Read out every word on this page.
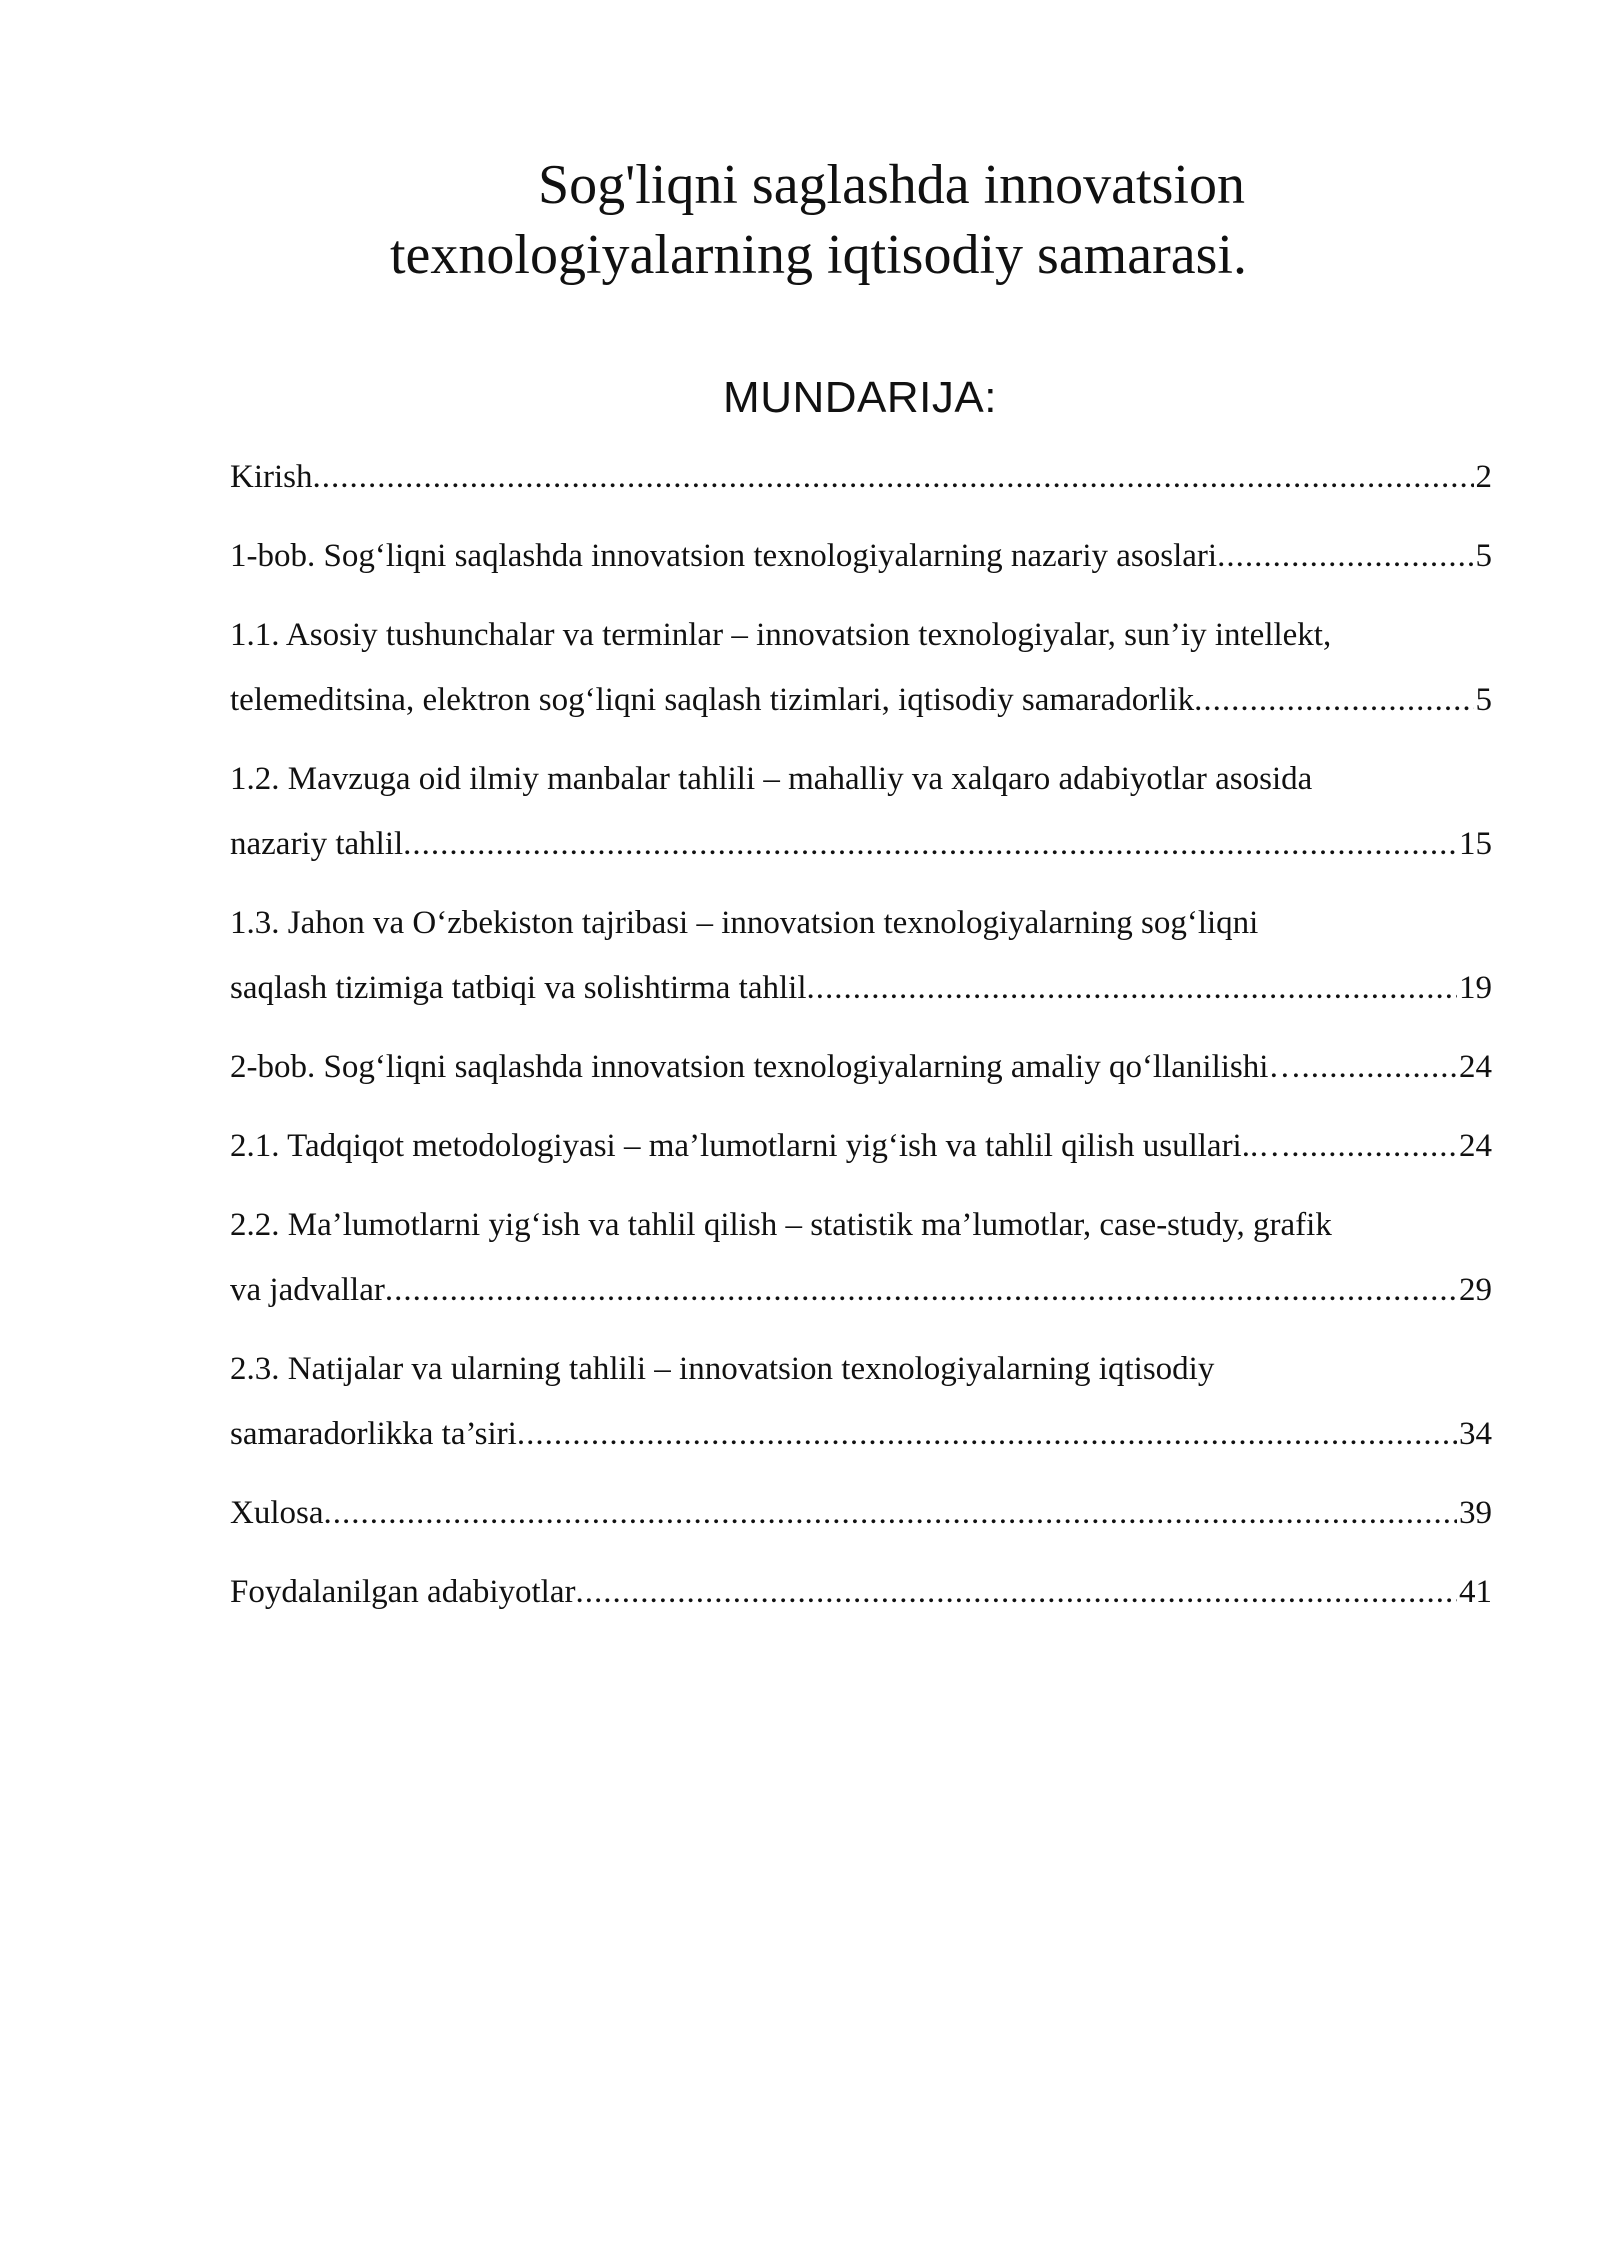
Sog'liqni saglashda innovatsion
texnologiyalarning iqtisodiy samarasi.
MUNDARIJA:
Kirish .....	2
1-bob. Sog‘liqni saqlashda innovatsion texnologiyalarning nazariy asoslari .....	5
1.1. Asosiy tushunchalar va terminlar – innovatsion texnologiyalar, sun’iy intellekt,
telemeditsina, elektron sog‘liqni saqlash tizimlari, iqtisodiy samaradorlik .....	5
1.2. Mavzuga oid ilmiy manbalar tahlili – mahalliy va xalqaro adabiyotlar asosida
nazariy tahlil .....	15
1.3. Jahon va O‘zbekiston tajribasi – innovatsion texnologiyalarning sog‘liqni
saqlash tizimiga tatbiqi va solishtirma tahlil .....	19
2-bob. Sog‘liqni saqlashda innovatsion texnologiyalarning amaliy qo‘llanilishi… .....	24
2.1. Tadqiqot metodologiyasi – ma’lumotlarni yig‘ish va tahlil qilish usullari..… .....	24
2.2. Ma’lumotlarni yig‘ish va tahlil qilish – statistik ma’lumotlar, case-study, grafik
va jadvallar .....	29
2.3. Natijalar va ularning tahlili – innovatsion texnologiyalarning iqtisodiy
samaradorlikka ta’siri .....	34
Xulosa .....	39
Foydalanilgan adabiyotlar .....	41
